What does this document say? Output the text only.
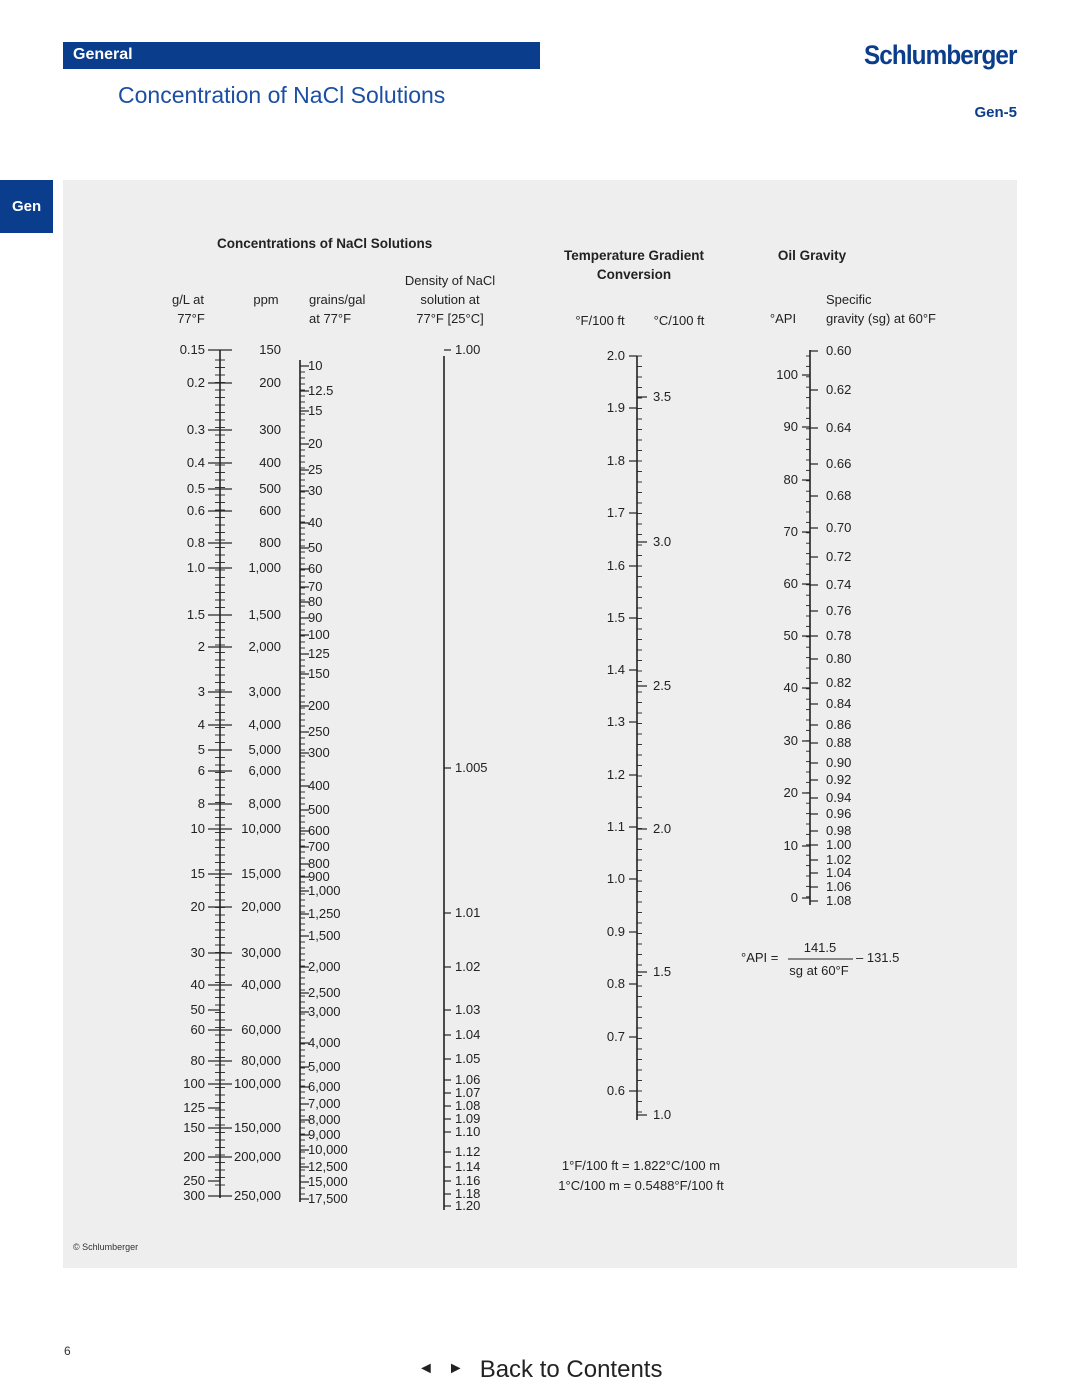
General
Concentration of NaCl Solutions
Schlumberger
Gen-5
Gen
Concentrations of NaCl Solutions
g/L at
77°F
ppm grains/gal
at 77°F
Density of NaCl
solution at
77°F [25°C]
Temperature Gradient
Conversion
°F/100 ft °C/100 ft
Oil Gravity
°API
Specific
gravity (sg) at 60°F
°API =
141.5
sg at 60°F
– 131.5
1°F/100 ft = 1.822°C/100 m
1°C/100 m = 0.5488°F/100 ft
0.15
0.2
0.3
0.4
0.5
0.6
0.8
1.0
1.5
2
3
4
5
6
8
10
15
20
30
40
50
60
80
100
125
150
200
250
300
150
200
300
400
500
600
800
1,000
1,500
2,000
3,000
4,000
5,000
6,000
8,000
10,000
15,000
20,000
30,000
40,000
60,000
80,000
100,000
150,000
200,000
250,000
10
12.5
15
20
25
30
40
50
60
70
80
90
100
125
150
200
250
300
400
500
600
700
800
900
1,000
1,250
1,500
2,000
2,500
3,000
4,000
5,000
6,000
7,000
8,000
9,000
10,000
12,500
15,000
17,500
1.00
1.005
1.01
1.02
1.03
1.04
1.05
1.06
1.07
1.08
1.09
1.10
1.12
1.14
1.16
1.18
1.20
2.0
1.9
1.8
1.7
1.6
1.5
1.4
1.3
1.2
1.1
1.0
0.9
0.8
0.7
0.6
3.5
3.0
2.5
2.0
1.5
1.0
100
90
80
70
60
50
40
30
20
10
0
0.60
0.62
0.64
0.66
0.68
0.70
0.72
0.74
0.76
0.78
0.80
0.82
0.84
0.86
0.88
0.90
0.92
0.94
0.96
0.98
1.00
1.02
1.04
1.06
1.08
© Schlumberger
6
◄ ► Back to Contents
